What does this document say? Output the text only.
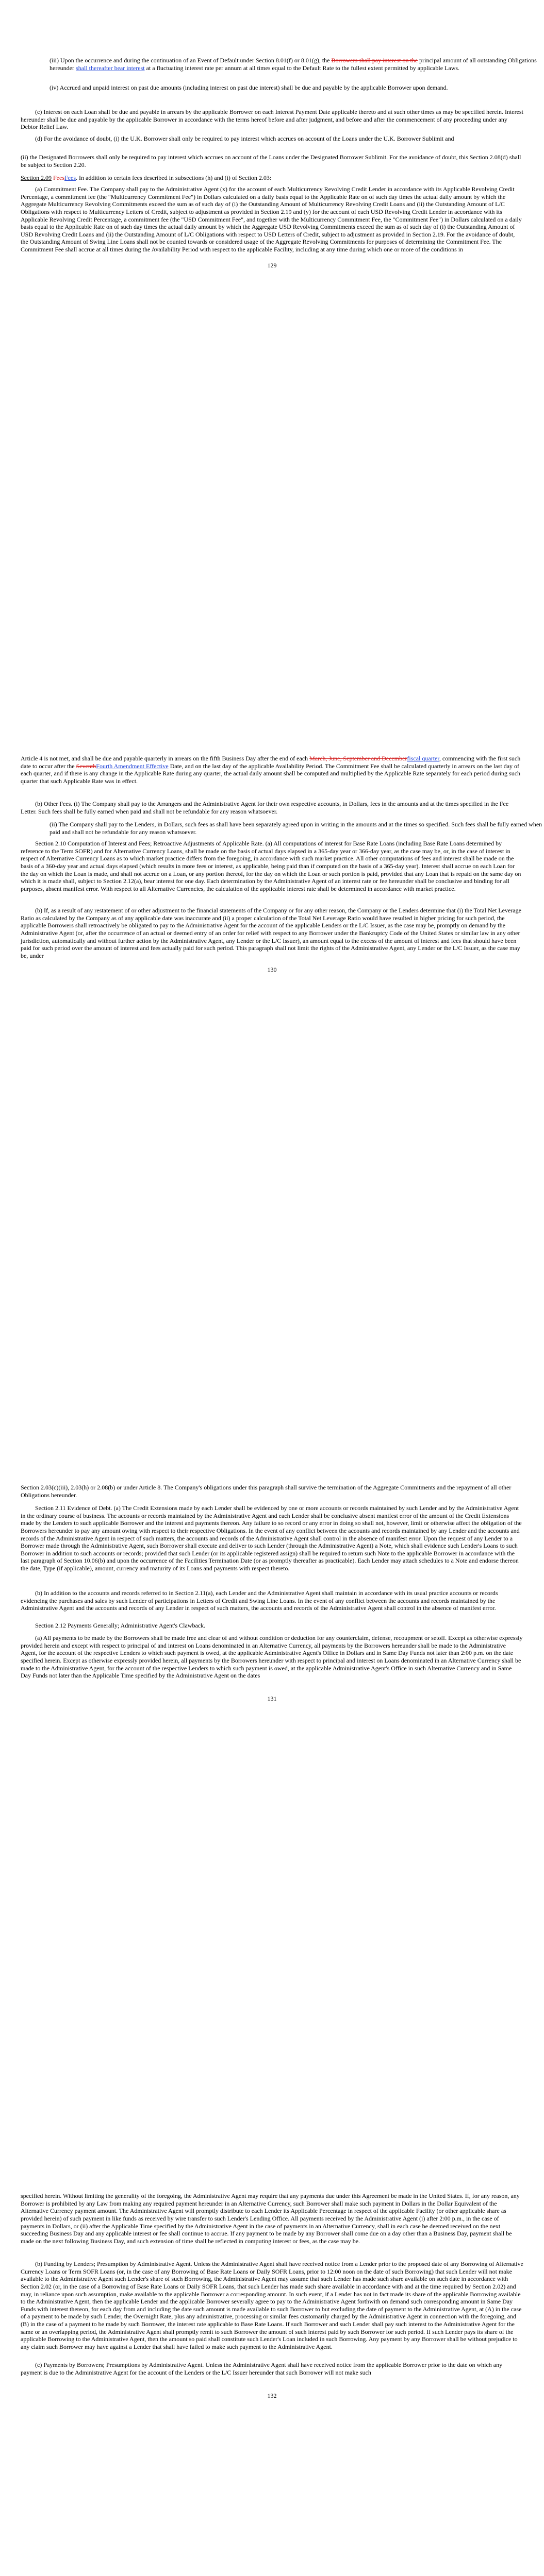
(iii) Upon the occurrence and during the continuation of an Event of Default under Section 8.01(f) or 8.01(g), the Borrowers shall pay interest on the principal amount of all outstanding Obligations hereunder shall thereafter bear interest at a fluctuating interest rate per annum at all times equal to the Default Rate to the fullest extent permitted by applicable Laws.

(iv) Accrued and unpaid interest on past due amounts (including interest on past due interest) shall be due and payable by the applicable Borrower upon demand.

(c) Interest on each Loan shall be due and payable in arrears by the applicable Borrower on each Interest Payment Date applicable thereto and at such other times as may be specified herein. Interest hereunder shall be due and payable by the applicable Borrower in accordance with the terms hereof before and after judgment, and before and after the commencement of any proceeding under any Debtor Relief Law.

(d) For the avoidance of doubt, (i) the U.K. Borrower shall only be required to pay interest which accrues on account of the Loans under the U.K. Borrower Sublimit and

(ii) the Designated Borrowers shall only be required to pay interest which accrues on account of the Loans under the Designated Borrower Sublimit. For the avoidance of doubt, this Section 2.08(d) shall be subject to Section 2.20.

Section 2.09 FeesFees. In addition to certain fees described in subsections (h) and (i) of Section 2.03:

(a) Commitment Fee. The Company shall pay to the Administrative Agent (x) for the account of each Multicurrency Revolving Credit Lender in accordance with its Applicable Revolving Credit Percentage, a commitment fee (the "Multicurrency Commitment Fee") in Dollars calculated on a daily basis equal to the Applicable Rate on of such day times the actual daily amount by which the Aggregate Multicurrency Revolving Commitments exceed the sum as of such day of (i) the Outstanding Amount of Multicurrency Revolving Credit Loans and (ii) the Outstanding Amount of L/C Obligations with respect to Multicurrency Letters of Credit, subject to adjustment as provided in Section 2.19 and (y) for the account of each USD Revolving Credit Lender in accordance with its Applicable Revolving Credit Percentage, a commitment fee (the "USD Commitment Fee", and together with the Multicurrency Commitment Fee, the "Commitment Fee") in Dollars calculated on a daily basis equal to the Applicable Rate on of such day times the actual daily amount by which the Aggregate USD Revolving Commitments exceed the sum as of such day of (i) the Outstanding Amount of USD Revolving Credit Loans and (ii) the Outstanding Amount of L/C Obligations with respect to USD Letters of Credit, subject to adjustment as provided in Section 2.19. For the avoidance of doubt, the Outstanding Amount of Swing Line Loans shall not be counted towards or considered usage of the Aggregate Revolving Commitments for purposes of determining the Commitment Fee. The Commitment Fee shall accrue at all times during the Availability Period with respect to the applicable Facility, including at any time during which one or more of the conditions in

129

Article 4 is not met, and shall be due and payable quarterly in arrears on the fifth Business Day after the end of each March, June, September and Decemberfiscal quarter, commencing with the first such date to occur after the SeventhFourth Amendment Effective Date, and on the last day of the applicable Availability Period. The Commitment Fee shall be calculated quarterly in arrears on the last day of each quarter, and if there is any change in the Applicable Rate during any quarter, the actual daily amount shall be computed and multiplied by the Applicable Rate separately for each period during such quarter that such Applicable Rate was in effect.

(b) Other Fees. (i) The Company shall pay to the Arrangers and the Administrative Agent for their own respective accounts, in Dollars, fees in the amounts and at the times specified in the Fee Letter. Such fees shall be fully earned when paid and shall not be refundable for any reason whatsoever.

(ii) The Company shall pay to the Lenders, in Dollars, such fees as shall have been separately agreed upon in writing in the amounts and at the times so specified. Such fees shall be fully earned when paid and shall not be refundable for any reason whatsoever.

Section 2.10 Computation of Interest and Fees; Retroactive Adjustments of Applicable Rate. (a) All computations of interest for Base Rate Loans (including Base Rate Loans determined by reference to the Term SOFR) and for Alternative Currency Loans, shall be made on the basis of actual days elapsed in a 365-day year or 366-day year, as the case may be, or, in the case of interest in respect of Alternative Currency Loans as to which market practice differs from the foregoing, in accordance with such market practice. All other computations of fees and interest shall be made on the basis of a 360-day year and actual days elapsed (which results in more fees or interest, as applicable, being paid than if computed on the basis of a 365-day year). Interest shall accrue on each Loan for the day on which the Loan is made, and shall not accrue on a Loan, or any portion thereof, for the day on which the Loan or such portion is paid, provided that any Loan that is repaid on the same day on which it is made shall, subject to Section 2.12(a), bear interest for one day. Each determination by the Administrative Agent of an interest rate or fee hereunder shall be conclusive and binding for all purposes, absent manifest error. With respect to all Alternative Currencies, the calculation of the applicable interest rate shall be determined in accordance with market practice.

(b) If, as a result of any restatement of or other adjustment to the financial statements of the Company or for any other reason, the Company or the Lenders determine that (i) the Total Net Leverage Ratio as calculated by the Company as of any applicable date was inaccurate and (ii) a proper calculation of the Total Net Leverage Ratio would have resulted in higher pricing for such period, the applicable Borrowers shall retroactively be obligated to pay to the Administrative Agent for the account of the applicable Lenders or the L/C Issuer, as the case may be, promptly on demand by the Administrative Agent (or, after the occurrence of an actual or deemed entry of an order for relief with respect to any Borrower under the Bankruptcy Code of the United States or similar law in any other jurisdiction, automatically and without further action by the Administrative Agent, any Lender or the L/C Issuer), an amount equal to the excess of the amount of interest and fees that should have been paid for such period over the amount of interest and fees actually paid for such period. This paragraph shall not limit the rights of the Administrative Agent, any Lender or the L/C Issuer, as the case may be, under

130

Section 2.03(c)(iii), 2.03(h) or 2.08(b) or under Article 8. The Company's obligations under this paragraph shall survive the termination of the Aggregate Commitments and the repayment of all other Obligations hereunder.

Section 2.11 Evidence of Debt. (a) The Credit Extensions made by each Lender shall be evidenced by one or more accounts or records maintained by such Lender and by the Administrative Agent in the ordinary course of business. The accounts or records maintained by the Administrative Agent and each Lender shall be conclusive absent manifest error of the amount of the Credit Extensions made by the Lenders to such applicable Borrower and the interest and payments thereon. Any failure to so record or any error in doing so shall not, however, limit or otherwise affect the obligation of the Borrowers hereunder to pay any amount owing with respect to their respective Obligations. In the event of any conflict between the accounts and records maintained by any Lender and the accounts and records of the Administrative Agent in respect of such matters, the accounts and records of the Administrative Agent shall control in the absence of manifest error. Upon the request of any Lender to a Borrower made through the Administrative Agent, such Borrower shall execute and deliver to such Lender (through the Administrative Agent) a Note, which shall evidence such Lender's Loans to such Borrower in addition to such accounts or records; provided that such Lender (or its applicable registered assign) shall be required to return such Note to the applicable Borrower in accordance with the last paragraph of Section 10.06(b) and upon the occurrence of the Facilities Termination Date (or as promptly thereafter as practicable). Each Lender may attach schedules to a Note and endorse thereon the date, Type (if applicable), amount, currency and maturity of its Loans and payments with respect thereto.

(b) In addition to the accounts and records referred to in Section 2.11(a), each Lender and the Administrative Agent shall maintain in accordance with its usual practice accounts or records evidencing the purchases and sales by such Lender of participations in Letters of Credit and Swing Line Loans. In the event of any conflict between the accounts and records maintained by the Administrative Agent and the accounts and records of any Lender in respect of such matters, the accounts and records of the Administrative Agent shall control in the absence of manifest error.

Section 2.12 Payments Generally; Administrative Agent's Clawback.

(a) All payments to be made by the Borrowers shall be made free and clear of and without condition or deduction for any counterclaim, defense, recoupment or setoff. Except as otherwise expressly provided herein and except with respect to principal of and interest on Loans denominated in an Alternative Currency, all payments by the Borrowers hereunder shall be made to the Administrative Agent, for the account of the respective Lenders to which such payment is owed, at the applicable Administrative Agent's Office in Dollars and in Same Day Funds not later than 2:00 p.m. on the date specified herein. Except as otherwise expressly provided herein, all payments by the Borrowers hereunder with respect to principal and interest on Loans denominated in an Alternative Currency shall be made to the Administrative Agent, for the account of the respective Lenders to which such payment is owed, at the applicable Administrative Agent's Office in such Alternative Currency and in Same Day Funds not later than the Applicable Time specified by the Administrative Agent on the dates

131

specified herein. Without limiting the generality of the foregoing, the Administrative Agent may require that any payments due under this Agreement be made in the United States. If, for any reason, any Borrower is prohibited by any Law from making any required payment hereunder in an Alternative Currency, such Borrower shall make such payment in Dollars in the Dollar Equivalent of the Alternative Currency payment amount. The Administrative Agent will promptly distribute to each Lender its Applicable Percentage in respect of the applicable Facility (or other applicable share as provided herein) of such payment in like funds as received by wire transfer to such Lender's Lending Office. All payments received by the Administrative Agent (i) after 2:00 p.m., in the case of payments in Dollars, or (ii) after the Applicable Time specified by the Administrative Agent in the case of payments in an Alternative Currency, shall in each case be deemed received on the next succeeding Business Day and any applicable interest or fee shall continue to accrue. If any payment to be made by any Borrower shall come due on a day other than a Business Day, payment shall be made on the next following Business Day, and such extension of time shall be reflected in computing interest or fees, as the case may be.

(b) Funding by Lenders; Presumption by Administrative Agent. Unless the Administrative Agent shall have received notice from a Lender prior to the proposed date of any Borrowing of Alternative Currency Loans or Term SOFR Loans (or, in the case of any Borrowing of Base Rate Loans or Daily SOFR Loans, prior to 12:00 noon on the date of such Borrowing) that such Lender will not make available to the Administrative Agent such Lender's share of such Borrowing, the Administrative Agent may assume that such Lender has made such share available on such date in accordance with Section 2.02 (or, in the case of a Borrowing of Base Rate Loans or Daily SOFR Loans, that such Lender has made such share available in accordance with and at the time required by Section 2.02) and may, in reliance upon such assumption, make available to the applicable Borrower a corresponding amount. In such event, if a Lender has not in fact made its share of the applicable Borrowing available to the Administrative Agent, then the applicable Lender and the applicable Borrower severally agree to pay to the Administrative Agent forthwith on demand such corresponding amount in Same Day Funds with interest thereon, for each day from and including the date such amount is made available to such Borrower to but excluding the date of payment to the Administrative Agent, at (A) in the case of a payment to be made by such Lender, the Overnight Rate, plus any administrative, processing or similar fees customarily charged by the Administrative Agent in connection with the foregoing, and (B) in the case of a payment to be made by such Borrower, the interest rate applicable to Base Rate Loans. If such Borrower and such Lender shall pay such interest to the Administrative Agent for the same or an overlapping period, the Administrative Agent shall promptly remit to such Borrower the amount of such interest paid by such Borrower for such period. If such Lender pays its share of the applicable Borrowing to the Administrative Agent, then the amount so paid shall constitute such Lender's Loan included in such Borrowing. Any payment by any Borrower shall be without prejudice to any claim such Borrower may have against a Lender that shall have failed to make such payment to the Administrative Agent.

(c) Payments by Borrowers; Presumptions by Administrative Agent. Unless the Administrative Agent shall have received notice from the applicable Borrower prior to the date on which any payment is due to the Administrative Agent for the account of the Lenders or the L/C Issuer hereunder that such Borrower will not make such

132
